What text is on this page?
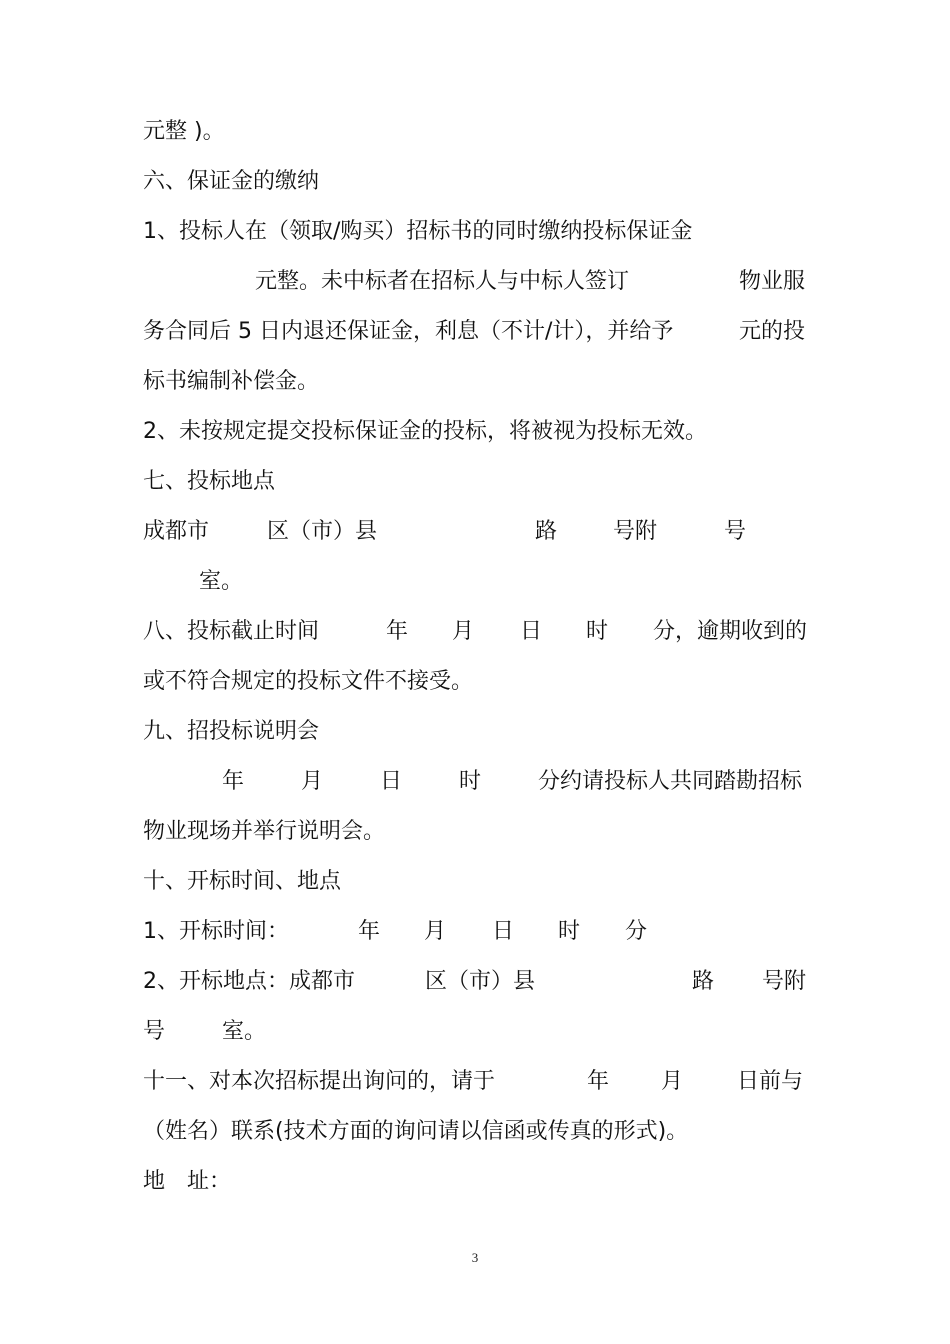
元整 )。
六、保证金的缴纳
1、投标人在（领取/购买）招标书的同时缴纳投标保证金

元整。未中标者在招标人与中标人签订

	物业服

务合同后 5 日内退还保证金，利息（不计/计），并给予

	元的投

标书编制补偿金。
2、未按规定提交投标保证金的投标，将被视为投标无效。
七、投标地点

成都市

	区（市）县

	路

	号附

	号

室。

八、投标截止时间

	年

月

日

时

分，逾期收到的

或不符合规定的投标文件不接受。
九、招投标说明会

年

	月

	日

	时

	分约请投标人共同踏勘招标

物业现场并举行说明会。
十、开标时间、地点

1、开标时间：

	年

月

日

时

分

2、开标地点：成都市

	区（市）县

	路

号附

号

	室。

十一、对本次招标提出询问的，请于

	年

月

日前与

（姓名）联系(技术方面的询问请以信函或传真的形式)。
地　址：
3
